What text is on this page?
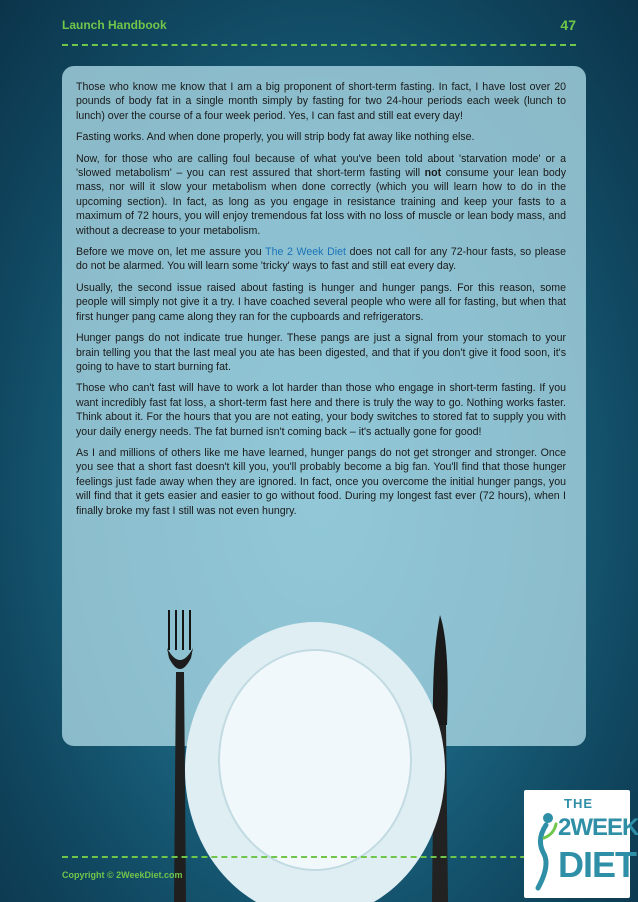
Launch Handbook	47

Those who know me know that I am a big proponent of short-term fasting. In fact, I have lost over 20 pounds of body fat in a single month simply by fasting for two 24-hour periods each week (lunch to lunch) over the course of a four week period. Yes, I can fast and still eat every day!

Fasting works. And when done properly, you will strip body fat away like nothing else.

Now, for those who are calling foul because of what you've been told about 'starvation mode' or a 'slowed metabolism' – you can rest assured that short-term fasting will not consume your lean body mass, nor will it slow your metabolism when done correctly (which you will learn how to do in the upcoming section). In fact, as long as you engage in resistance training and keep your fasts to a maximum of 72 hours, you will enjoy tremendous fat loss with no loss of muscle or lean body mass, and without a decrease to your metabolism.

Before we move on, let me assure you The 2 Week Diet does not call for any 72-hour fasts, so please do not be alarmed. You will learn some 'tricky' ways to fast and still eat every day.

Usually, the second issue raised about fasting is hunger and hunger pangs. For this reason, some people will simply not give it a try. I have coached several people who were all for fasting, but when that first hunger pang came along they ran for the cupboards and refrigerators.

Hunger pangs do not indicate true hunger. These pangs are just a signal from your stomach to your brain telling you that the last meal you ate has been digested, and that if you don't give it food soon, it's going to have to start burning fat.

Those who can't fast will have to work a lot harder than those who engage in short-term fasting. If you want incredibly fast fat loss, a short-term fast here and there is truly the way to go. Nothing works faster. Think about it. For the hours that you are not eating, your body switches to stored fat to supply you with your daily energy needs. The fat burned isn't coming back – it's actually gone for good!

As I and millions of others like me have learned, hunger pangs do not get stronger and stronger. Once you see that a short fast doesn't kill you, you'll probably become a big fan. You'll find that those hunger feelings just fade away when they are ignored. In fact, once you overcome the initial hunger pangs, you will find that it gets easier and easier to go without food. During my longest fast ever (72 hours), when I finally broke my fast I still was not even hungry.

Copyright © 2WeekDiet.com
THE
2WEEK
DIET
